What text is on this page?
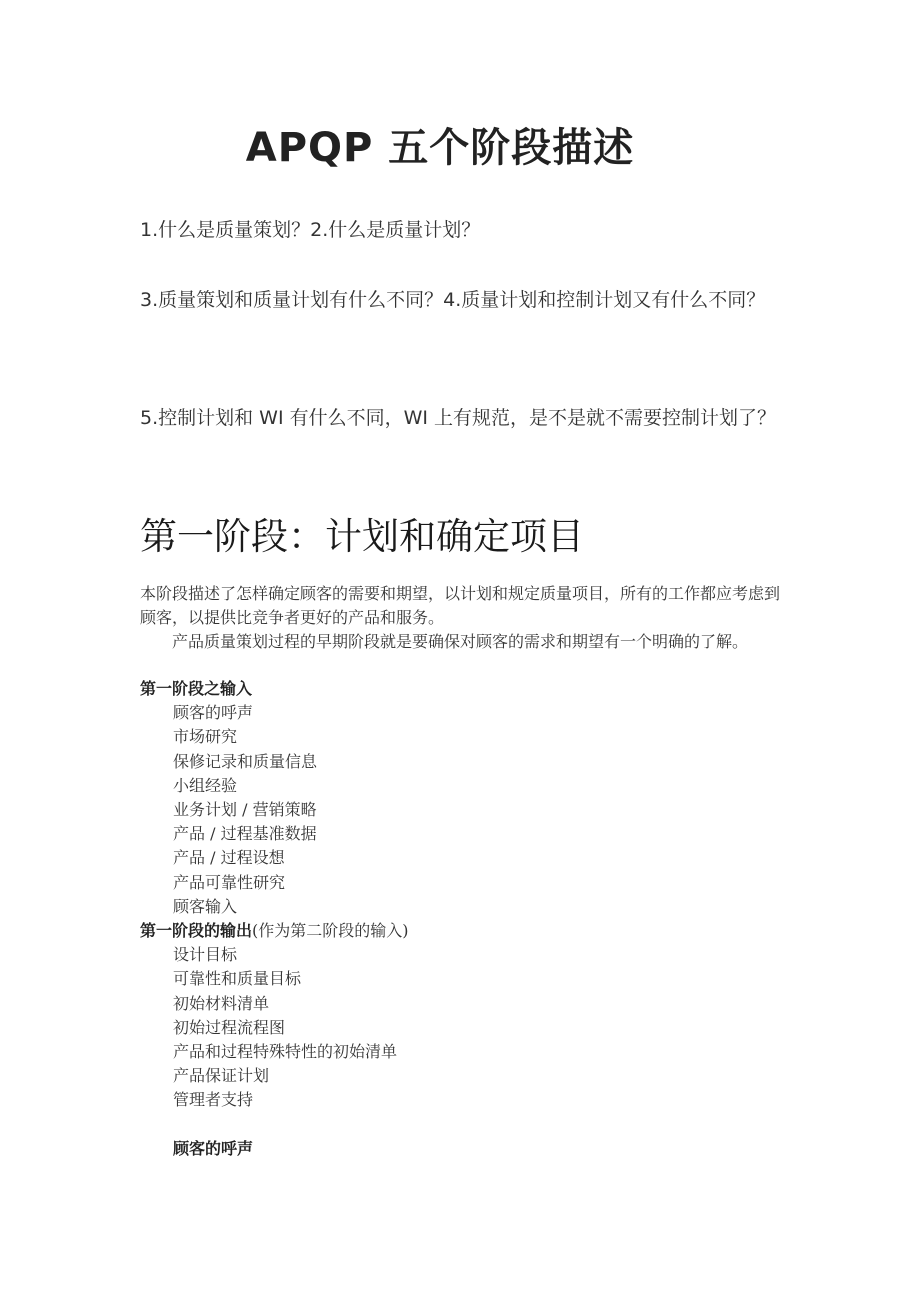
APQP 五个阶段描述
1.什么是质量策划？2.什么是质量计划？
3.质量策划和质量计划有什么不同？4.质量计划和控制计划又有什么不同？
5.控制计划和 WI 有什么不同，WI 上有规范，是不是就不需要控制计划了？
第一阶段：计划和确定项目
本阶段描述了怎样确定顾客的需要和期望，以计划和规定质量项目，所有的工作都应考虑到顾客，以提供比竞争者更好的产品和服务。
产品质量策划过程的早期阶段就是要确保对顾客的需求和期望有一个明确的了解。
第一阶段之输入
顾客的呼声
市场研究
保修记录和质量信息
小组经验
业务计划 / 营销策略
产品 / 过程基准数据
产品 / 过程设想
产品可靠性研究
顾客输入
第一阶段的输出(作为第二阶段的输入)
设计目标
可靠性和质量目标
初始材料清单
初始过程流程图
产品和过程特殊特性的初始清单
产品保证计划
管理者支持
顾客的呼声
